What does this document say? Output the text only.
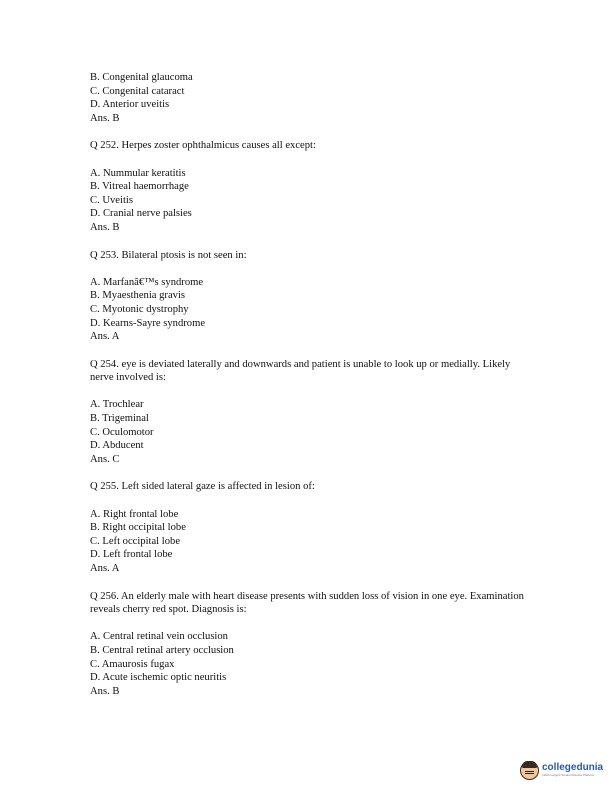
B. Congenital glaucoma
C. Congenital cataract
D. Anterior uveitis
Ans. B
Q 252. Herpes zoster ophthalmicus causes all except:
A. Nummular keratitis
B. Vitreal haemorrhage
C. Uveitis
D. Cranial nerve palsies
Ans. B
Q 253. Bilateral ptosis is not seen in:
A. Marfanâ€™s syndrome
B. Myaesthenia gravis
C. Myotonic dystrophy
D. Kearns-Sayre syndrome
Ans. A
Q 254. eye is deviated laterally and downwards and patient is unable to look up or medially. Likely nerve involved is:
A. Trochlear
B. Trigeminal
C. Oculomotor
D. Abducent
Ans. C
Q 255. Left sided lateral gaze is affected in lesion of:
A. Right frontal lobe
B. Right occipital lobe
C. Left occipital lobe
D. Left frontal lobe
Ans. A
Q 256. An elderly male with heart disease presents with sudden loss of vision in one eye. Examination reveals cherry red spot. Diagnosis is:
A. Central retinal vein occlusion
B. Central retinal artery occlusion
C. Amaurosis fugax
D. Acute ischemic optic neuritis
Ans. B
collegedunia
India's largest Student Review Platform
